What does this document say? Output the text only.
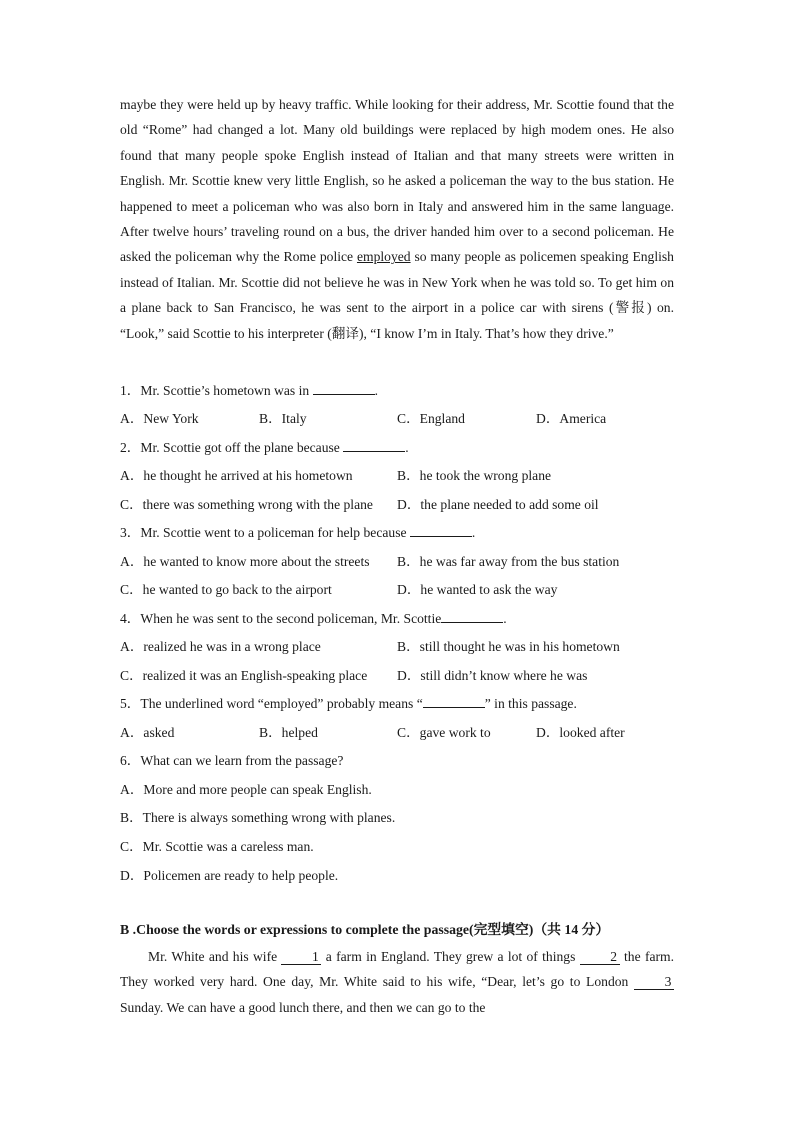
maybe they were held up by heavy traffic. While looking for their address, Mr. Scottie found that the old “Rome” had changed a lot. Many old buildings were replaced by high modem ones. He also found that many people spoke English instead of Italian and that many streets were written in English. Mr. Scottie knew very little English, so he asked a policeman the way to the bus station. He happened to meet a policeman who was also born in Italy and answered him in the same language. After twelve hours’ traveling round on a bus, the driver handed him over to a second policeman. He asked the policeman why the Rome police employed so many people as policemen speaking English instead of Italian. Mr. Scottie did not believe he was in New York when he was told so. To get him on a plane back to San Francisco, he was sent to the airport in a police car with sirens (警报) on. “Look,” said Scottie to his interpreter (翻译), “I know I’m in Italy. That’s how they drive.”

1．Mr. Scottie’s hometown was in	.
A．New York	B．Italy	C．England	D．America
2．Mr. Scottie got off the plane because	.
A．he thought he arrived at his hometown	B．he took the wrong plane
C．there was something wrong with the plane D．the plane needed to add some oil
3．Mr. Scottie went to a policeman for help because	.
A．he wanted to know more about the streets B．he was far away from the bus station
C．he wanted to go back to the airport	D．he wanted to ask the way
4．When he was sent to the second policeman, Mr. Scottie	.
A．realized he was in a wrong place	B．still thought he was in his hometown
C．realized it was an English-speaking place D．still didn’t know where he was
5．The underlined word “employed” probably means “	” in this passage.
A．asked	B．helped	C．gave work to	D．looked after
6．What can we learn from the passage?
A．More and more people can speak English.
B．There is always something wrong with planes.
C．Mr. Scottie was a careless man.
D．Policemen are ready to help people.
B .Choose the words or expressions to complete the passage(完型填空)（共 14 分）

Mr. White and his wife 1 a farm in England. They grew a lot of things 2 the farm. They worked very hard. One day, Mr. White said to his wife, “Dear, let’s go to London 3 Sunday. We can have a good lunch there, and then we can go to the
